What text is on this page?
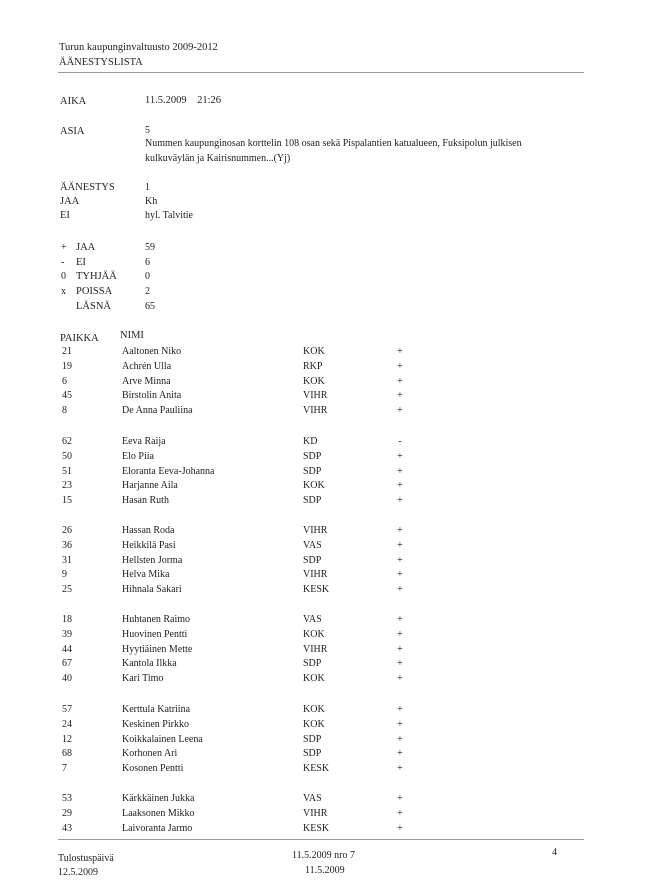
Turun kaupunginvaltuusto 2009-2012
ÄÄNESTYSLISTA
AIKA	11.5.2009    21:26
ASIA	5
Nummen kaupunginosan korttelin 108 osan sekä Pispalantien katualueen, Fuksipolun julkisen
kulkuväylän ja Kairisnummen...(Yj)
ÄÄNESTYS	1
JAA	Kh
EI	hyl. Talvitie
+ JAA	59
- EI	6
0 TYHJÄÄ	0
x POISSA	2
LÄSNÄ	65
PAIKKA NIMI
21	Aaltonen Niko	KOK	+
19	Achrén Ulla	RKP	+
6	Arve Minna	KOK	+
45	Birstolin Anita	VIHR	+
8	De Anna Pauliina	VIHR	+
62	Eeva Raija	KD	-
50	Elo Piia	SDP	+
51	Eloranta Eeva-Johanna	SDP	+
23	Harjanne Aila	KOK	+
15	Hasan Ruth	SDP	+
26	Hassan Roda	VIHR	+
36	Heikkilä Pasi	VAS	+
31	Hellsten Jorma	SDP	+
9	Helva Mika	VIHR	+
25	Hihnala Sakari	KESK	+
18	Huhtanen Raimo	VAS	+
39	Huovinen Pentti	KOK	+
44	Hyytiäinen Mette	VIHR	+
67	Kantola Ilkka	SDP	+
40	Kari Timo	KOK	+
57	Kerttula Katriina	KOK	+
24	Keskinen Pirkko	KOK	+
12	Koikkalainen Leena	SDP	+
68	Korhonen Ari	SDP	+
7	Kosonen Pentti	KESK	+
53	Kärkkäinen Jukka	VAS	+
29	Laaksonen Mikko	VIHR	+
43	Laivoranta Jarmo	KESK	+
Tulostuspäivä
12.5.2009
11.5.2009 nro 7
11.5.2009
4
